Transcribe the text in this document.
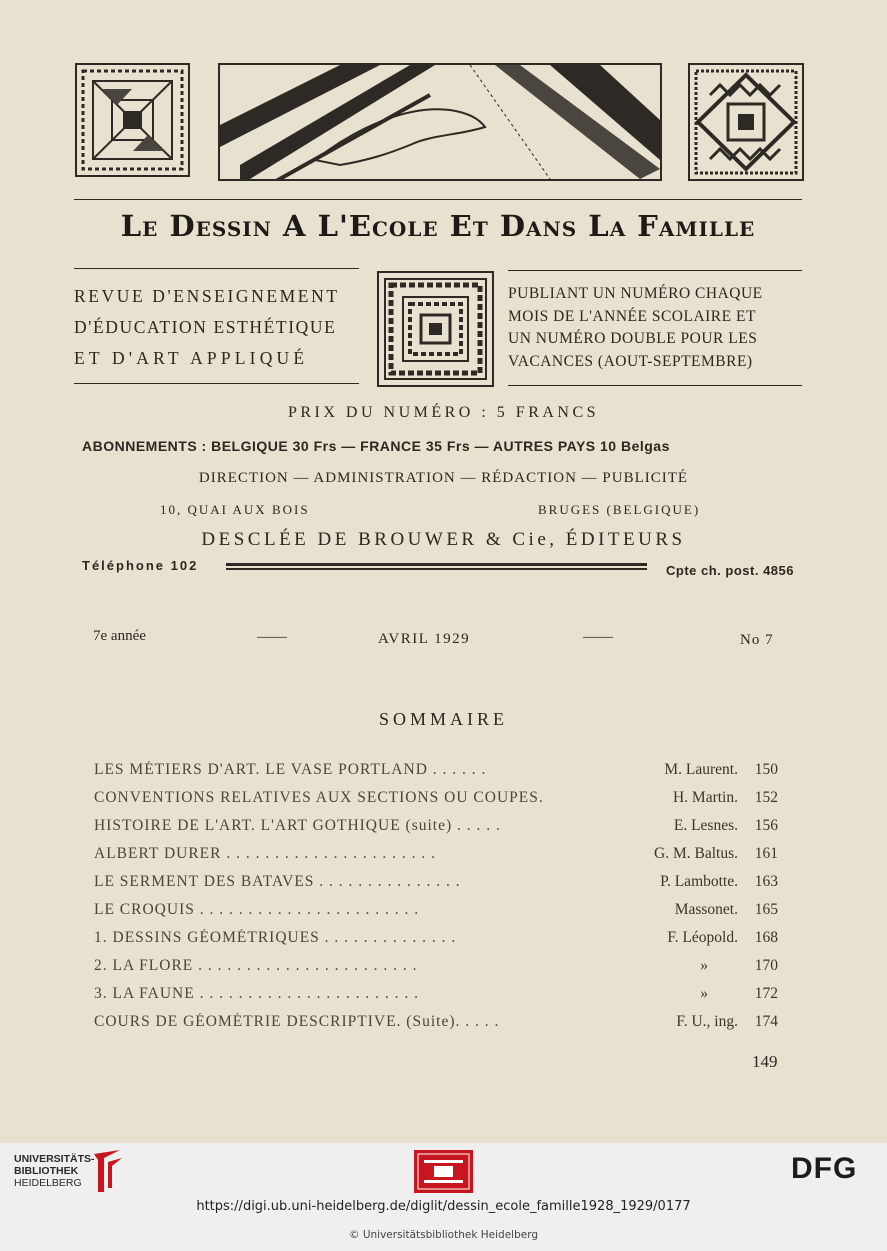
Le Dessin A L'Ecole Et Dans La Famille
REVUE D'ENSEIGNEMENT
D'ÉDUCATION ESTHÉTIQUE
ET D'ART APPLIQUÉ
PUBLIANT UN NUMÉRO CHAQUE
MOIS DE L'ANNÉE SCOLAIRE ET
UN NUMÉRO DOUBLE POUR LES
VACANCES (AOUT-SEPTEMBRE)
PRIX DU NUMÉRO : 5 FRANCS
ABONNEMENTS : BELGIQUE 30 Frs — FRANCE 35 Frs — AUTRES PAYS 10 Belgas
DIRECTION — ADMINISTRATION — RÉDACTION — PUBLICITÉ
10, QUAI AUX BOIS	BRUGES (BELGIQUE)
DESCLÉE DE BROUWER & Cie, ÉDITEURS
Téléphone 102	Cpte ch. post. 4856
7e année	——	AVRIL 1929	——	No 7
SOMMAIRE
LES MÉTIERS D'ART. LE VASE PORTLAND . . . . . .	M. Laurent. 150
CONVENTIONS RELATIVES AUX SECTIONS OU COUPES.	H. Martin. 152
HISTOIRE DE L'ART. L'ART GOTHIQUE (suite) . . . . .	E. Lesnes. 156
ALBERT DURER . . . . . . . . . . . . . . . . . . . . . .	G. M. Baltus. 161
LE SERMENT DES BATAVES . . . . . . . . . . . . . . .	P. Lambotte. 163
LE CROQUIS . . . . . . . . . . . . . . . . . . . . . . .	Massonet. 165
1. DESSINS GÉOMÉTRIQUES . . . . . . . . . . . . . .	F. Léopold. 168
2. LA FLORE . . . . . . . . . . . . . . . . . . . . . . .	»	170
3. LA FAUNE . . . . . . . . . . . . . . . . . . . . . . .	»	172
COURS DE GÉOMÉTRIE DESCRIPTIVE. (Suite). . . . .	F. U., ing. 174
149
UNIVERSITÄTS-
BIBLIOTHEK
HEIDELBERG	DFG
https://digi.ub.uni-heidelberg.de/diglit/dessin_ecole_famille1928_1929/0177
© Universitätsbibliothek Heidelberg
